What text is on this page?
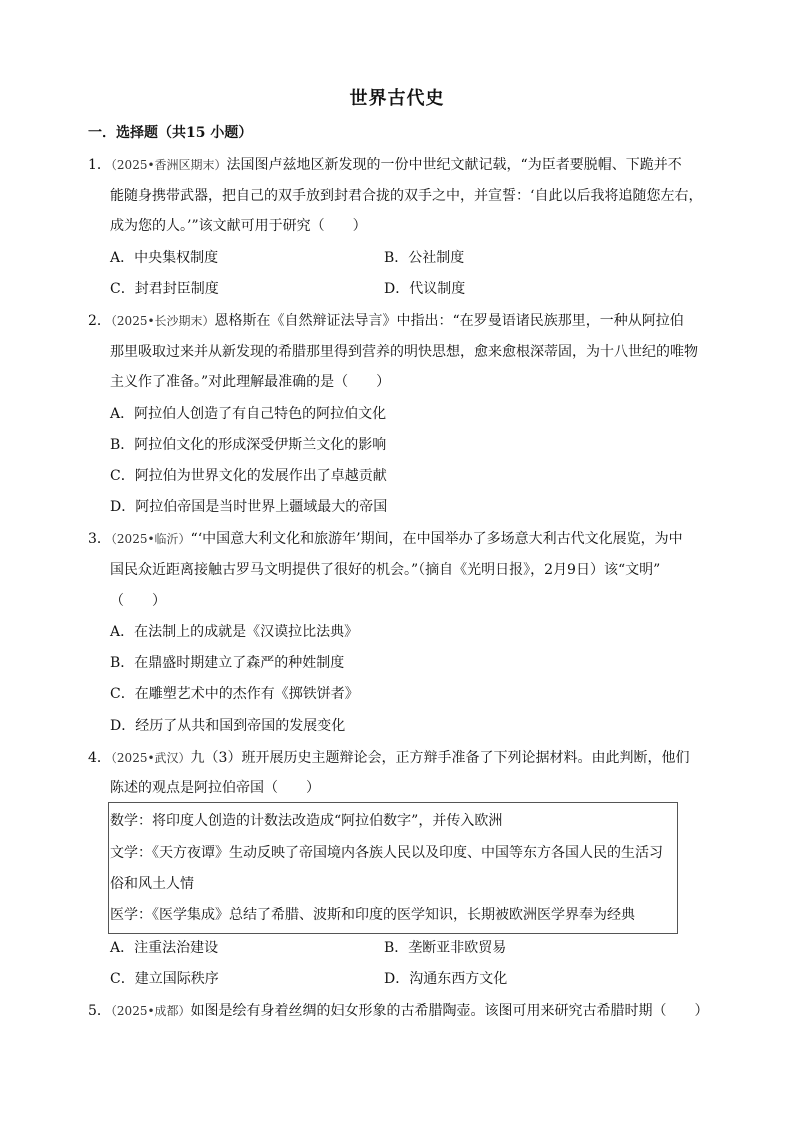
世界古代史
一．选择题（共15 小题）
1．（2025•香洲区期末）法国图卢兹地区新发现的一份中世纪文献记载，“为臣者要脱帽、下跪并不
能随身携带武器，把自己的双手放到封君合拢的双手之中，并宣誓：‘自此以后我将追随您左右，
成为您的人。’”该文献可用于研究（　　）
A．中央集权制度	B．公社制度
C．封君封臣制度	D．代议制度
2．（2025•长沙期末）恩格斯在《自然辩证法导言》中指出：“在罗曼语诸民族那里，一种从阿拉伯
那里吸取过来并从新发现的希腊那里得到营养的明快思想，愈来愈根深蒂固，为十八世纪的唯物
主义作了准备。”对此理解最准确的是（　　）
A．阿拉伯人创造了有自己特色的阿拉伯文化
B．阿拉伯文化的形成深受伊斯兰文化的影响
C．阿拉伯为世界文化的发展作出了卓越贡献
D．阿拉伯帝国是当时世界上疆域最大的帝国
3．（2025•临沂）“‘中国意大利文化和旅游年’期间，在中国举办了多场意大利古代文化展览，为中
国民众近距离接触古罗马文明提供了很好的机会。”（摘自《光明日报》，2月9日）该“文明”
（　　）
A．在法制上的成就是《汉谟拉比法典》
B．在鼎盛时期建立了森严的种姓制度
C．在雕塑艺术中的杰作有《掷铁饼者》
D．经历了从共和国到帝国的发展变化
4．（2025•武汉）九（3）班开展历史主题辩论会，正方辩手准备了下列论据材料。由此判断，他们
陈述的观点是阿拉伯帝国（　　）
数学：将印度人创造的计数法改造成“阿拉伯数字”，并传入欧洲
文学：《天方夜谭》生动反映了帝国境内各族人民以及印度、中国等东方各国人民的生活习
俗和风土人情
医学：《医学集成》总结了希腊、波斯和印度的医学知识，长期被欧洲医学界奉为经典
A．注重法治建设	B．垄断亚非欧贸易
C．建立国际秩序	D．沟通东西方文化
5．（2025•成都）如图是绘有身着丝绸的妇女形象的古希腊陶壶。该图可用来研究古希腊时期（　　）
